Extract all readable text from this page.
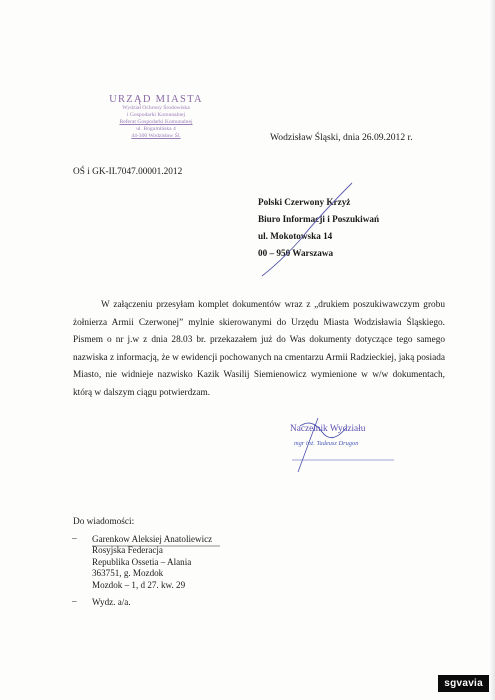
URZĄD MIASTA
Wydział Ochrony Środowiska
i Gospodarki Komunalnej
Referat Gospodarki Komunalnej
ul. Bogumińska 4
44-300 Wodzisław Śl.	Wodzisław Śląski, dnia 26.09.2012 r.
OŚ i GK-II.7047.00001.2012
Polski Czerwony Krzyż
Biuro Informacji i Poszukiwań
ul. Mokotowska 14
00 – 950 Warszawa
W załączeniu przesyłam komplet dokumentów wraz z „drukiem poszukiwawczym grobu żołnierza Armii Czerwonej” mylnie skierowanymi do Urzędu Miasta Wodzisławia Śląskiego. Pismem o nr j.w z dnia 28.03 br. przekazałem już do Was dokumenty dotyczące tego samego nazwiska z informacją, że w ewidencji pochowanych na cmentarzu Armii Radzieckiej, jaką posiada Miasto, nie widnieje nazwisko Kazik Wasilij Siemienowicz wymienione w w/w dokumentach, którą w dalszym ciągu potwierdzam.
Naczelnik Wydziału
mgr inż. Tadeusz Drugon
Do wiadomości:
– Garenkow Aleksiej Anatoliewicz
Rosyjska Federacja
Republika Ossetia – Alania
363751, g. Mozdok
Mozdok – 1, d 27. kw. 29
– Wydz. a/a.
sgvavia
